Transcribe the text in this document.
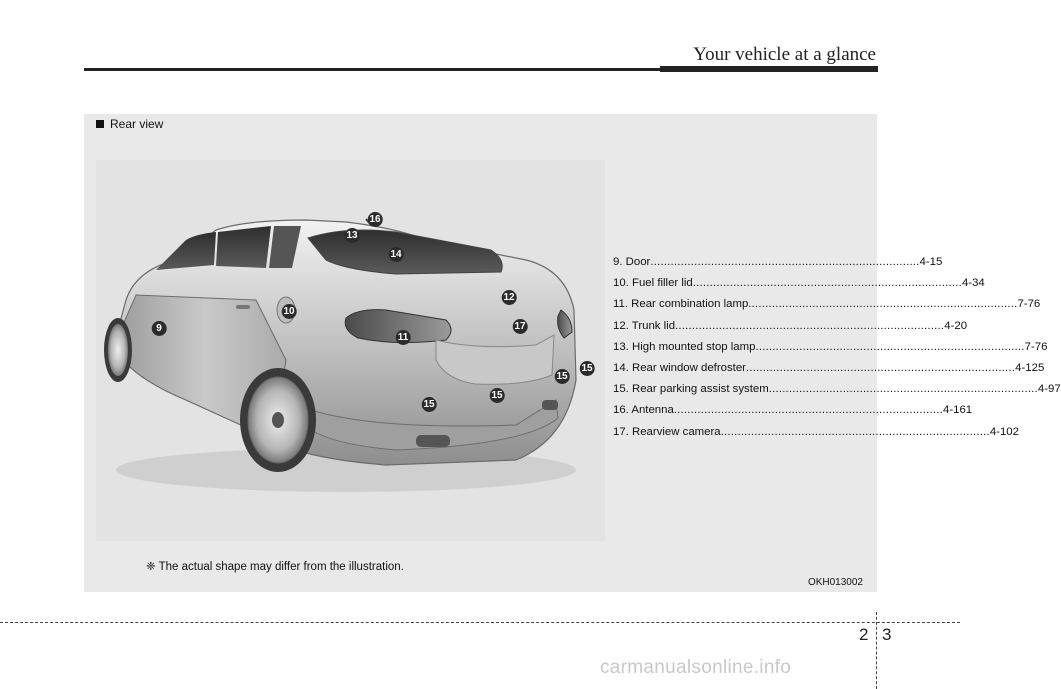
Your vehicle at a glance
Rear view
9
10
11
12
13
14
15
15
15
15
16
17
9. Door ................................................................................ 4-15
10. Fuel filler lid ................................................................................ 4-34
11. Rear combination lamp ................................................................................ 7-76
12. Trunk lid ................................................................................ 4-20
13. High mounted stop lamp ................................................................................ 7-76
14. Rear window defroster ................................................................................ 4-125
15. Rear parking assist system ................................................................................ 4-97
16. Antenna ................................................................................ 4-161
17. Rearview camera ................................................................................ 4-102
❈ The actual shape may differ from the illustration.
OKH013002
2 3
carmanualsonline.info
